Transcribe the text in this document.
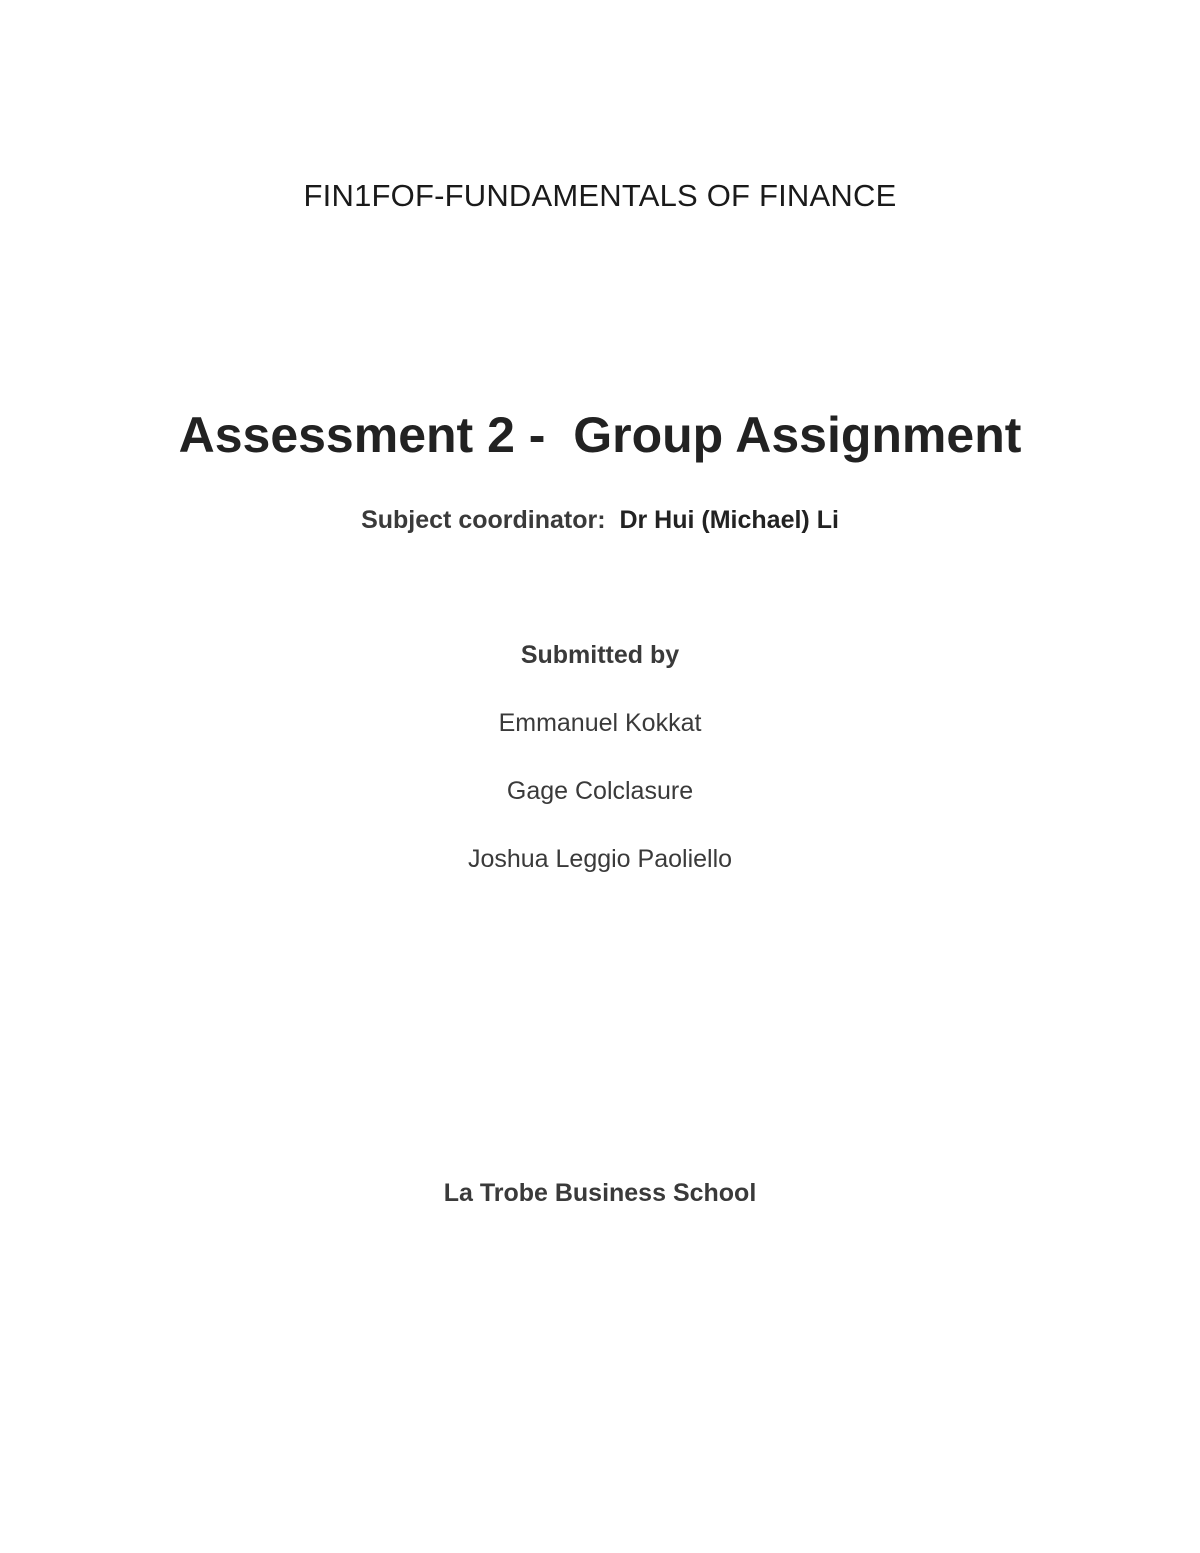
FIN1FOF-FUNDAMENTALS OF FINANCE
Assessment 2 -  Group Assignment
Subject coordinator: Dr Hui (Michael) Li
Submitted by
Emmanuel Kokkat
Gage Colclasure
Joshua Leggio Paoliello
La Trobe Business School
